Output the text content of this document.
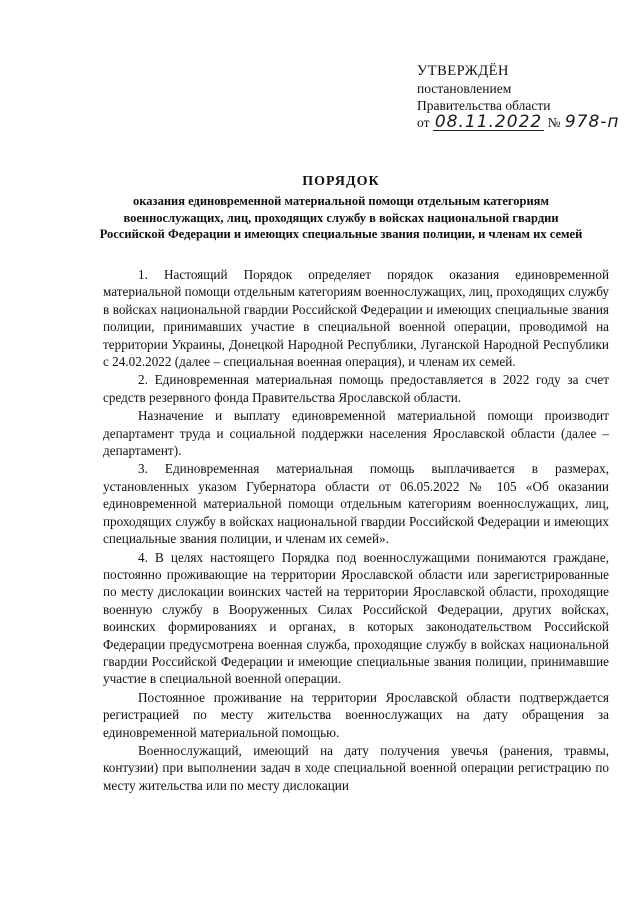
УТВЕРЖДЁН
постановлением
Правительства области
от 08.11.2022 № 978-п
ПОРЯДОК
оказания единовременной материальной помощи отдельным категориям военнослужащих, лиц, проходящих службу в войсках национальной гвардии Российской Федерации и имеющих специальные звания полиции, и членам их семей

1. Настоящий Порядок определяет порядок оказания единовременной материальной помощи отдельным категориям военнослужащих, лиц, проходящих службу в войсках национальной гвардии Российской Федерации и имеющих специальные звания полиции, принимавших участие в специальной военной операции, проводимой на территории Украины, Донецкой Народной Республики, Луганской Народной Республики с 24.02.2022 (далее – специальная военная операция), и членам их семей.

2. Единовременная материальная помощь предоставляется в 2022 году за счет средств резервного фонда Правительства Ярославской области.

Назначение и выплату единовременной материальной помощи производит департамент труда и социальной поддержки населения Ярославской области (далее – департамент).

3. Единовременная материальная помощь выплачивается в размерах, установленных указом Губернатора области от 06.05.2022 № 105 «Об оказании единовременной материальной помощи отдельным категориям военнослужащих, лиц, проходящих службу в войсках национальной гвардии Российской Федерации и имеющих специальные звания полиции, и членам их семей».

4. В целях настоящего Порядка под военнослужащими понимаются граждане, постоянно проживающие на территории Ярославской области или зарегистрированные по месту дислокации воинских частей на территории Ярославской области, проходящие военную службу в Вооруженных Силах Российской Федерации, других войсках, воинских формированиях и органах, в которых законодательством Российской Федерации предусмотрена военная служба, проходящие службу в войсках национальной гвардии Российской Федерации и имеющие специальные звания полиции, принимавшие участие в специальной военной операции.

Постоянное проживание на территории Ярославской области подтверждается регистрацией по месту жительства военнослужащих на дату обращения за единовременной материальной помощью.

Военнослужащий, имеющий на дату получения увечья (ранения, травмы, контузии) при выполнении задач в ходе специальной военной операции регистрацию по месту жительства или по месту дислокации
